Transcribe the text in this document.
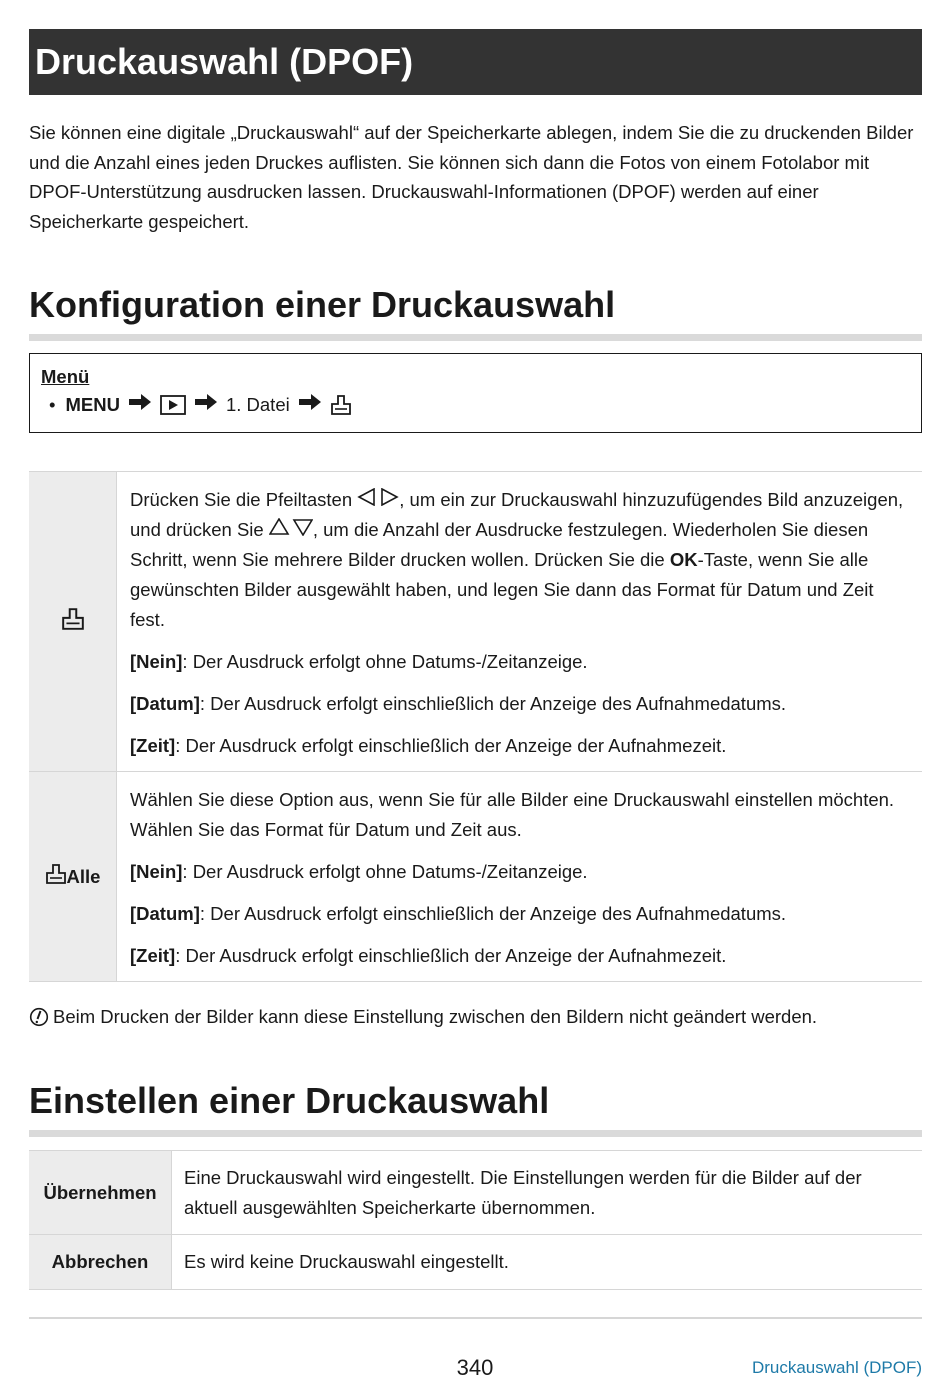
Druckauswahl (DPOF)

Sie können eine digitale „Druckauswahl“ auf der Speicherkarte ablegen, indem Sie die zu druckenden Bilder und die Anzahl eines jeden Druckes auflisten. Sie können sich dann die Fotos von einem Fotolabor mit DPOF-Unterstützung ausdrucken lassen. Druckauswahl-Informationen (DPOF) werden auf einer Speicherkarte gespeichert.

Konfiguration einer Druckauswahl
Menü
• MENU	1. Datei

Drücken Sie die Pfeiltasten , um ein zur Druckauswahl hinzuzufügendes Bild anzuzeigen, und drücken Sie , um die Anzahl der Ausdrucke festzulegen. Wiederholen Sie diesen Schritt, wenn Sie mehrere Bilder drucken wollen. Drücken Sie die OK-Taste, wenn Sie alle gewünschten Bilder ausgewählt haben, und legen Sie dann das Format für Datum und Zeit fest.

[Nein]: Der Ausdruck erfolgt ohne Datums-/Zeitanzeige.

[Datum]: Der Ausdruck erfolgt einschließlich der Anzeige des Aufnahmedatums.

[Zeit]: Der Ausdruck erfolgt einschließlich der Anzeige der Aufnahmezeit.

Alle	Wählen Sie diese Option aus, wenn Sie für alle Bilder eine Druckauswahl einstellen möchten. Wählen Sie das Format für Datum und Zeit aus.

[Nein]: Der Ausdruck erfolgt ohne Datums-/Zeitanzeige.

[Datum]: Der Ausdruck erfolgt einschließlich der Anzeige des Aufnahmedatums.

[Zeit]: Der Ausdruck erfolgt einschließlich der Anzeige der Aufnahmezeit.

Beim Drucken der Bilder kann diese Einstellung zwischen den Bildern nicht geändert werden.
Einstellen einer Druckauswahl
Übernehmen	Eine Druckauswahl wird eingestellt. Die Einstellungen werden für die Bilder auf der aktuell ausgewählten Speicherkarte übernommen.
Abbrechen	Es wird keine Druckauswahl eingestellt.
340	Druckauswahl (DPOF)
